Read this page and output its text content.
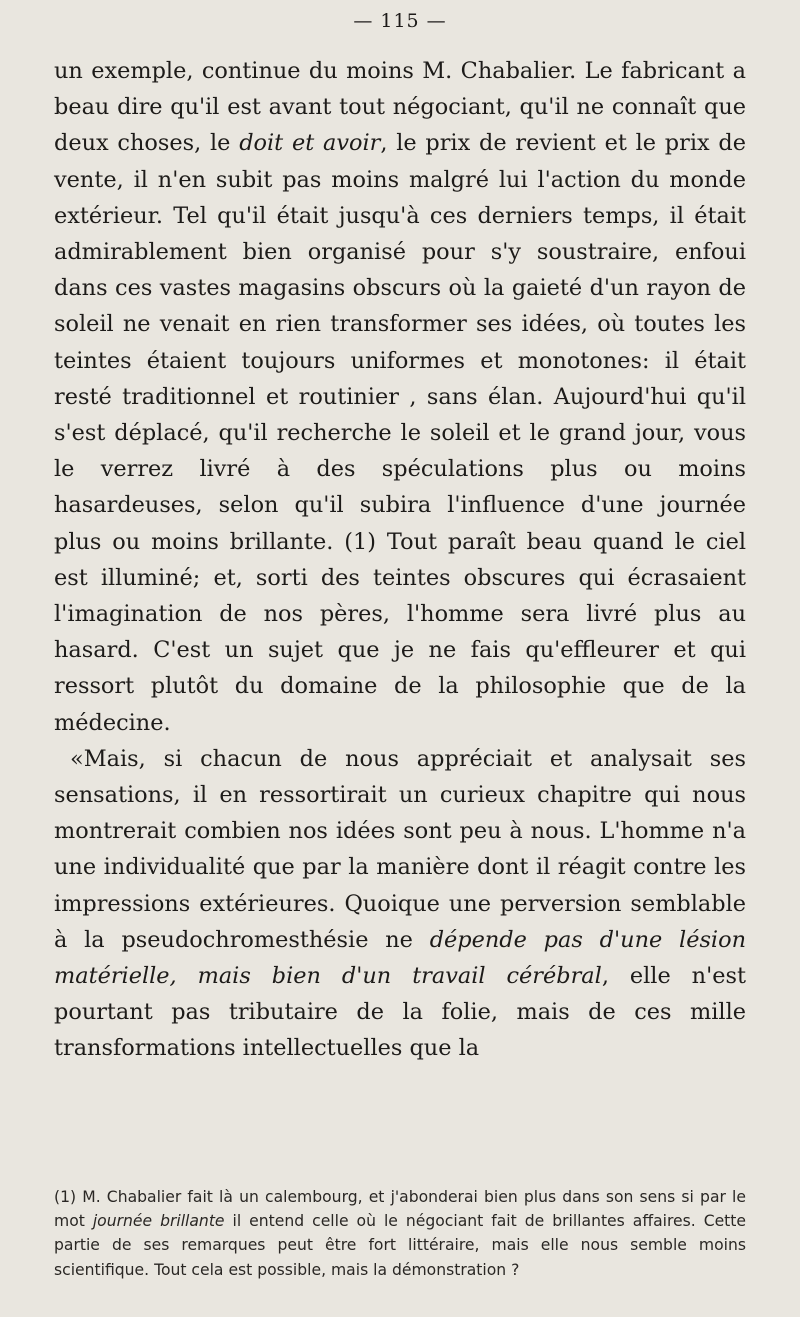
— 115 —

un exemple, continue du moins M. Chabalier. Le fabricant a beau dire qu'il est avant tout nég‍ociant, qu'il ne connaît que deux choses, le doit et avoir, le prix de revient et le prix de vente, il n'en subit pas moins malgré lui l'action du monde extérieur. Tel qu'il était jusqu'à ces derniers temps, il était admirablement bien organisé pour s'y soustraire, enfoui dans ces vastes magasins obscurs où la gaieté d'un rayon de soleil ne venait en rien transformer ses idées, où toutes les teintes étaient toujours uniformes et monotones: il était resté traditionnel et routinier , sans élan. Aujourd'hui qu'il s'est déplacé, qu'il recherche le soleil et le grand jour, vous le verrez livré à des spéculations plus ou moins hasardeuses, selon qu'il subira l'influence d'une journée plus ou moins brillante. (1) Tout paraît beau quand le ciel est illuminé; et, sorti des teintes obscures qui écrasaient l'imagination de nos pères, l'homme sera livré plus au hasard. C'est un sujet que je ne fais qu'effleurer et qui ressort plutôt du domaine de la philosophie que de la médecine.

«Mais, si chacun de nous appréciait et analysait ses sensations, il en ressortirait un curieux chapitre qui nous montrerait combien nos idées sont peu à nous. L'homme n'a une individualité que par la manière dont il réagit contre les impressions extérieures. Quoique une perversion semblable à la pseudochromesthésie ne dépende pas d'une lésion matérielle, mais bien d'un travail cérébral, elle n'est pourtant pas tributaire de la folie, mais de ces mille transformations intellectuelles que la

(1) M. Chabalier fait là un calembourg, et j'abonderai bien plus dans son sens si par le mot journée brillante il entend celle où le négociant fait de brillantes affaires. Cette partie de ses remarques peut être fort littéraire, mais elle nous semble moins scientifique. Tout cela est possible, mais la démonstration ?
